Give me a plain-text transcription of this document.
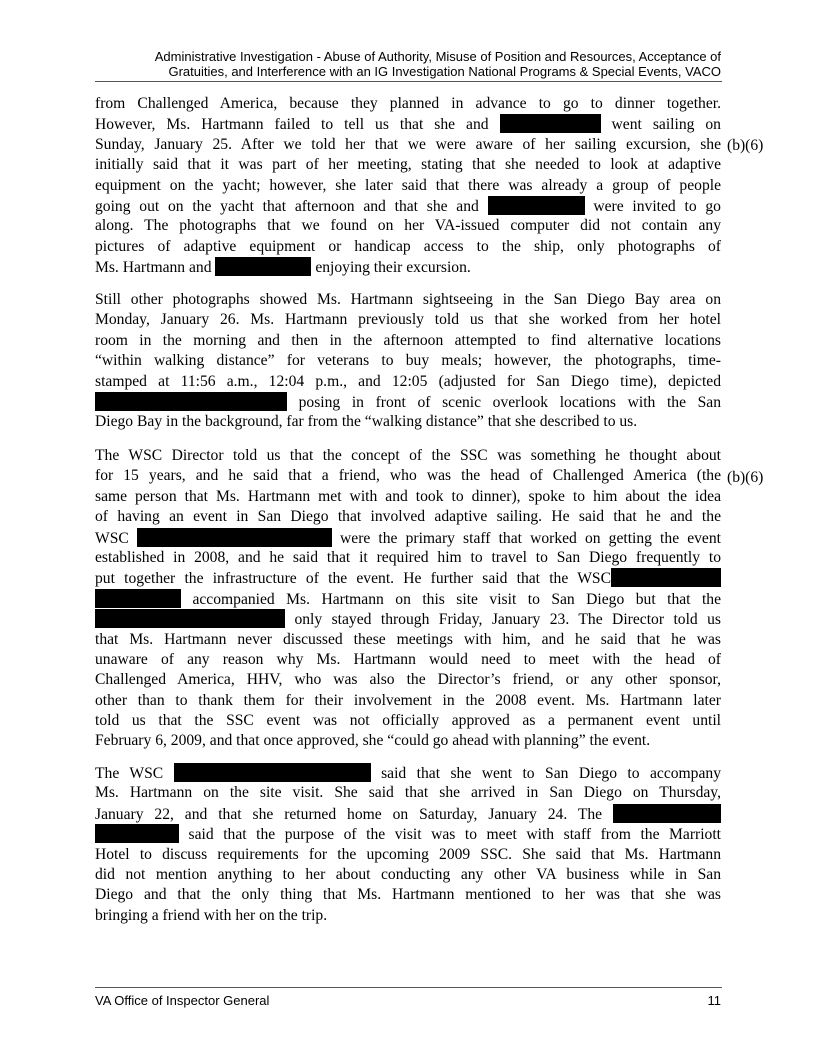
Administrative Investigation - Abuse of Authority, Misuse of Position and Resources, Acceptance of
Gratuities, and Interference with an IG Investigation National Programs & Special Events, VACO
from Challenged America, because they planned in advance to go to dinner together.
However, Ms. Hartmann failed to tell us that she and	went sailing on
Sunday, January 25. After we told her that we were aware of her sailing excursion, she
initially said that it was part of her meeting, stating that she needed to look at adaptive
equipment on the yacht; however, she later said that there was already a group of people
going out on the yacht that afternoon and that she and	were invited to go
along. The photographs that we found on her VA-issued computer did not contain any
pictures of adaptive equipment or handicap access to the ship, only photographs of
Ms. Hartmann and	enjoying their excursion.
(b)(6)
Still other photographs showed Ms. Hartmann sightseeing in the San Diego Bay area on
Monday, January 26. Ms. Hartmann previously told us that she worked from her hotel
room in the morning and then in the afternoon attempted to find alternative locations
“within walking distance” for veterans to buy meals; however, the photographs, time-
stamped at 11:56 a.m., 12:04 p.m., and 12:05 (adjusted for San Diego time), depicted
posing in front of scenic overlook locations with the San
Diego Bay in the background, far from the “walking distance” that she described to us.
The WSC Director told us that the concept of the SSC was something he thought about
for 15 years, and he said that a friend, who was the head of Challenged America (the
same person that Ms. Hartmann met with and took to dinner), spoke to him about the idea
of having an event in San Diego that involved adaptive sailing. He said that he and the
WSC	were the primary staff that worked on getting the event
established in 2008, and he said that it required him to travel to San Diego frequently to
put together the infrastructure of the event. He further said that the WSC
accompanied Ms. Hartmann on this site visit to San Diego but that the
only stayed through Friday, January 23. The Director told us
that Ms. Hartmann never discussed these meetings with him, and he said that he was
unaware of any reason why Ms. Hartmann would need to meet with the head of
Challenged America, HHV, who was also the Director’s friend, or any other sponsor,
other than to thank them for their involvement in the 2008 event. Ms. Hartmann later
told us that the SSC event was not officially approved as a permanent event until
February 6, 2009, and that once approved, she “could go ahead with planning” the event.
(b)(6)
The WSC	said that she went to San Diego to accompany
Ms. Hartmann on the site visit. She said that she arrived in San Diego on Thursday,
January 22, and that she returned home on Saturday, January 24. The
said that the purpose of the visit was to meet with staff from the Marriott
Hotel to discuss requirements for the upcoming 2009 SSC. She said that Ms. Hartmann
did not mention anything to her about conducting any other VA business while in San
Diego and that the only thing that Ms. Hartmann mentioned to her was that she was
bringing a friend with her on the trip.
VA Office of Inspector General	11
